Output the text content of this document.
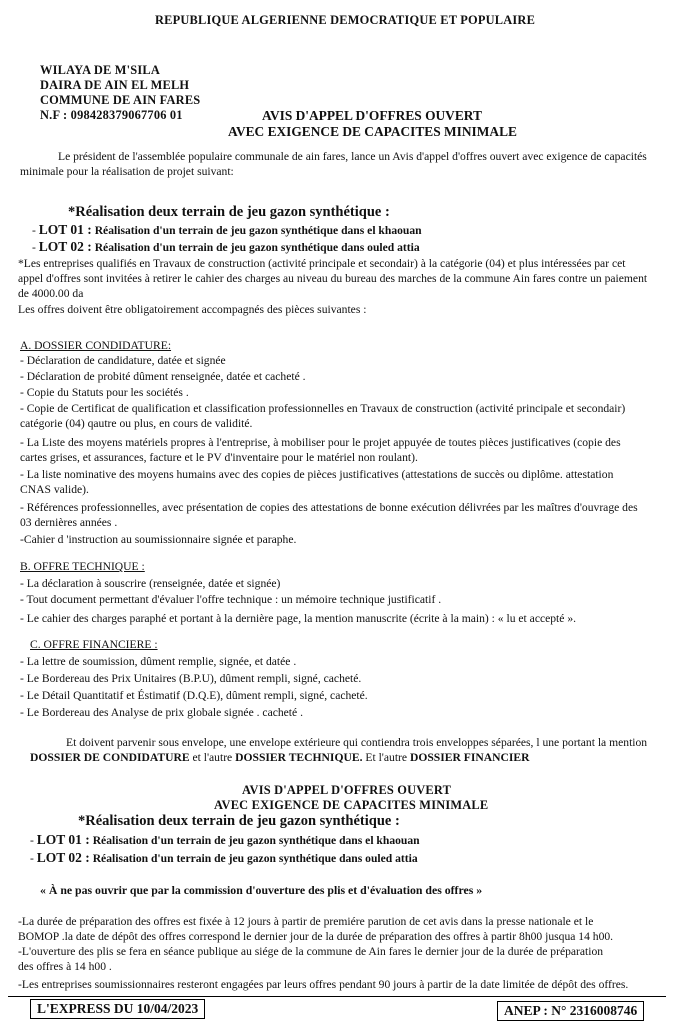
REPUBLIQUE ALGERIENNE DEMOCRATIQUE ET POPULAIRE
WILAYA DE M'SILA
DAIRA DE AIN EL MELH
COMMUNE DE AIN FARES
N.F : 098428379067706 01	AVIS D'APPEL D'OFFRES OUVERT
AVEC EXIGENCE DE CAPACITES MINIMALE
Le président de l'assemblée populaire communale de ain fares, lance un Avis d'appel d'offres ouvert avec exigence de capacités
minimale pour la réalisation de projet suivant:
*Réalisation deux terrain de jeu gazon synthétique :
- LOT 01 : Réalisation d'un terrain de jeu gazon synthétique dans el khaouan
- LOT 02 : Réalisation d'un terrain de jeu gazon synthétique dans ouled attia
*Les entreprises qualifiés en Travaux de construction (activité principale et secondair) à la catégorie (04) et plus intéressées par cet
appel d'offres sont invitées à retirer le cahier des charges au niveau du bureau des marches de la commune Ain fares contre un paiement
de 4000.00 da
Les offres doivent être obligatoirement accompagnés des pièces suivantes :
A. DOSSIER CONDIDATURE:
- Déclaration de candidature, datée et signée
- Déclaration de probité dûment renseignée, datée et cacheté .
- Copie du Statuts pour les sociétés .
- Copie de Certificat de qualification et classification professionnelles en Travaux de construction (activité principale et secondair)
catégorie (04) qautre ou plus, en cours de validité.
- La Liste des moyens matériels propres à l'entreprise, à mobiliser pour le projet appuyée de toutes pièces justificatives (copie des
cartes grises, et assurances, facture et le PV d'inventaire pour le matériel non roulant).
- La liste nominative des moyens humains avec des copies de pièces justificatives (attestations de succès ou diplôme. attestation
CNAS valide).
- Références professionnelles, avec présentation de copies des attestations de bonne exécution délivrées par les maîtres d'ouvrage des
03 dernières années .
-Cahier d 'instruction au soumissionnaire signée et paraphe.
B. OFFRE TECHNIQUE :
- La déclaration à souscrire (renseignée, datée et signée)
- Tout document permettant d'évaluer l'offre technique : un mémoire technique justificatif .
- Le cahier des charges paraphé et portant à la dernière page, la mention manuscrite (écrite à la main) : « lu et accepté ».
C. OFFRE FINANCIERE :
- La lettre de soumission, dûment remplie, signée, et datée .
- Le Bordereau des Prix Unitaires (B.P.U), dûment rempli, signé, cacheté.
- Le Détail Quantitatif et Éstimatif (D.Q.E), dûment rempli, signé, cacheté.
- Le Bordereau des Analyse de prix globale signée . cacheté .
Et doivent parvenir sous envelope, une envelope extérieure qui contiendra trois enveloppes séparées, l une portant la mention
DOSSIER DE CONDIDATURE et l'autre DOSSIER TECHNIQUE. Et l'autre DOSSIER FINANCIER
AVIS D'APPEL D'OFFRES OUVERT
AVEC EXIGENCE DE CAPACITES MINIMALE
*Réalisation deux terrain de jeu gazon synthétique :
- LOT 01 : Réalisation d'un terrain de jeu gazon synthétique dans el khaouan
- LOT 02 : Réalisation d'un terrain de jeu gazon synthétique dans ouled attia
« À ne pas ouvrir que par la commission d'ouverture des plis et d'évaluation des offres »
-La durée de préparation des offres est fixée à 12 jours à partir de premiére parution de cet avis dans la presse nationale et le
BOMOP .la date de dépôt des offres correspond le dernier jour de la durée de préparation des offres à partir 8h00 jusqua 14 h00.
-L'ouverture des plis se fera en séance publique au siége de la commune de Ain fares le dernier jour de la durée de préparation
des offres à 14 h00 .
-Les entreprises soumissionnaires resteront engagées par leurs offres pendant 90 jours à partir de la date limitée de dépôt des offres.
L'EXPRESS DU 10/04/2023	ANEP : N° 2316008746
